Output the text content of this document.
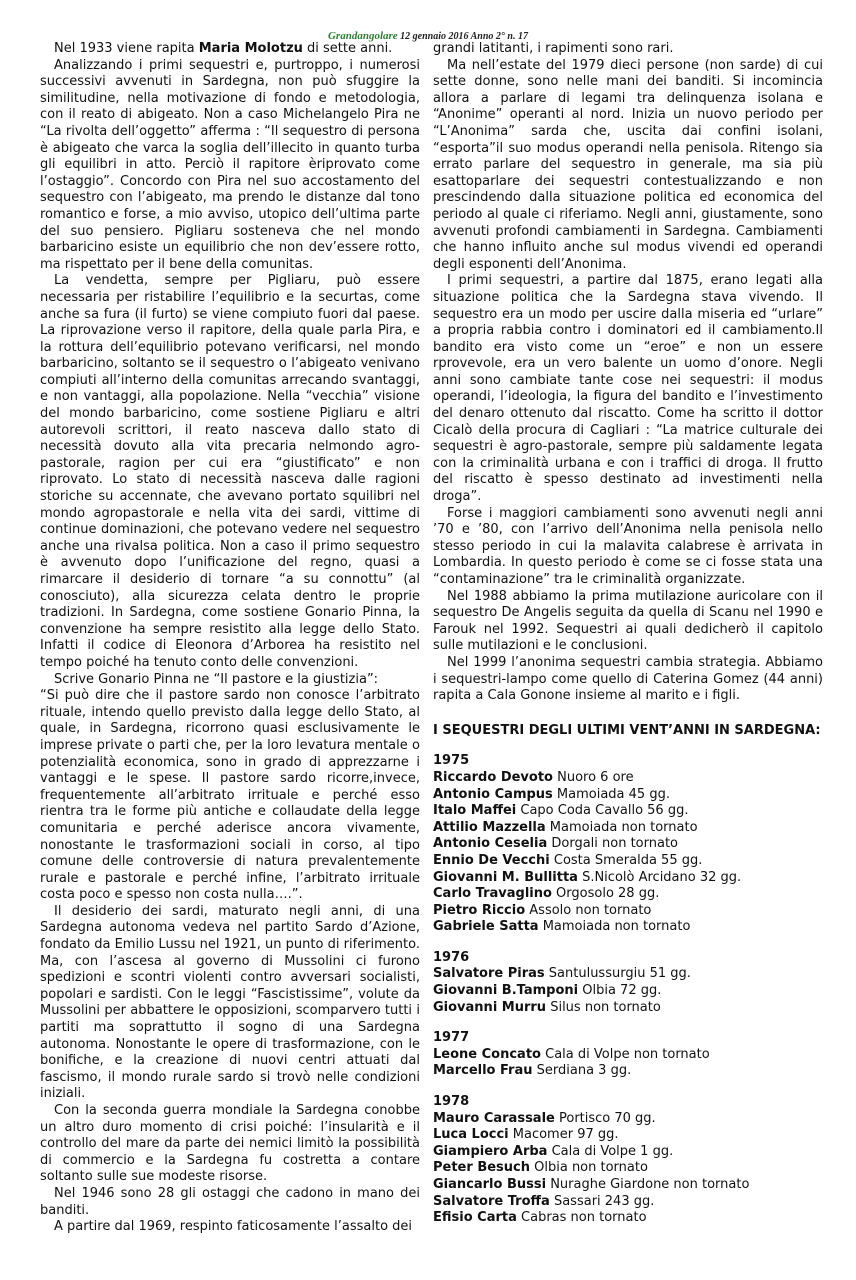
Grandangolare 12 gennaio 2016 Anno 2° n. 17

Nel 1933 viene rapita Maria Molotzu di sette anni.

Analizzando i primi sequestri e, purtroppo, i numerosi successivi avvenuti in Sardegna, non può sfuggire la similitudine, nella motivazione di fondo e metodologia, con il reato di abigeato. Non a caso Michelangelo Pira ne “La rivolta dell’oggetto” afferma : “Il sequestro di persona è abigeato che varca la soglia dell’illecito in quanto turba gli equilibri in atto. Perciò il rapitore èriprovato come l’ostaggio”. Concordo con Pira nel suo accostamento del sequestro con l’abigeato, ma prendo le distanze dal tono romantico e forse, a mio avviso, utopico dell’ultima parte del suo pensiero. Pigliaru sosteneva che nel mondo barbaricino esiste un equilibrio che non dev’essere rotto, ma rispettato per il bene della comunitas.

La vendetta, sempre per Pigliaru, può essere necessaria per ristabilire l’equilibrio e la securtas, come anche sa fura (il furto) se viene compiuto fuori dal paese. La riprovazione verso il rapitore, della quale parla Pira, e la rottura dell’equilibrio potevano verificarsi, nel mondo barbaricino, soltanto se il sequestro o l’abigeato venivano compiuti all’interno della comunitas arrecando svantaggi, e non vantaggi, alla popolazione. Nella “vecchia” visione del mondo barbaricino, come sostiene Pigliaru e altri autorevoli scrittori, il reato nasceva dallo stato di necessità dovuto alla vita precaria nelmondo agro-pastorale, ragion per cui era “giustificato” e non riprovato. Lo stato di necessità nasceva dalle ragioni storiche su accennate, che avevano portato squilibri nel mondo agropastorale e nella vita dei sardi, vittime di continue dominazioni, che potevano vedere nel sequestro anche una rivalsa politica. Non a caso il primo sequestro è avvenuto dopo l’unificazione del regno, quasi a rimarcare il desiderio di tornare “a su connottu” (al conosciuto), alla sicurezza celata dentro le proprie tradizioni. In Sardegna, come sostiene Gonario Pinna, la convenzione ha sempre resistito alla legge dello Stato. Infatti il codice di Eleonora d’Arborea ha resistito nel tempo poiché ha tenuto conto delle convenzioni.

Scrive Gonario Pinna ne “Il pastore e la giustizia”:

“Si può dire che il pastore sardo non conosce l’arbitrato rituale, intendo quello previsto dalla legge dello Stato, al quale, in Sardegna, ricorrono quasi esclusivamente le imprese private o parti che, per la loro levatura mentale o potenzialità economica, sono in grado di apprezzarne i vantaggi e le spese. Il pastore sardo ricorre,invece, frequentemente all’arbitrato irrituale e perché esso rientra tra le forme più antiche e collaudate della legge comunitaria e perché aderisce ancora vivamente, nonostante le trasformazioni sociali in corso, al tipo comune delle controversie di natura prevalentemente rurale e pastorale e perché infine, l’arbitrato irrituale costa poco e spesso non costa nulla….”.

Il desiderio dei sardi, maturato negli anni, di una Sardegna autonoma vedeva nel partito Sardo d’Azione, fondato da Emilio Lussu nel 1921, un punto di riferimento. Ma, con l’ascesa al governo di Mussolini ci furono spedizioni e scontri violenti contro avversari socialisti, popolari e sardisti. Con le leggi “Fascistissime”, volute da Mussolini per abbattere le opposizioni, scomparvero tutti i partiti ma soprattutto il sogno di una Sardegna autonoma. Nonostante le opere di trasformazione, con le bonifiche, e la creazione di nuovi centri attuati dal fascismo, il mondo rurale sardo si trovò nelle condizioni iniziali.

Con la seconda guerra mondiale la Sardegna conobbe un altro duro momento di crisi poiché: l’insularità e il controllo del mare da parte dei nemici limitò la possibilità di commercio e la Sardegna fu costretta a contare soltanto sulle sue modeste risorse.

Nel 1946 sono 28 gli ostaggi che cadono in mano dei banditi.

A partire dal 1969, respinto faticosamente l’assalto dei

grandi latitanti, i rapimenti sono rari.

Ma nell’estate del 1979 dieci persone (non sarde) di cui sette donne, sono nelle mani dei banditi. Si incomincia allora a parlare di legami tra delinquenza isolana e “Anonime” operanti al nord. Inizia un nuovo periodo per “L’Anonima” sarda che, uscita dai confini isolani, “esporta”il suo modus operandi nella penisola. Ritengo sia errato parlare del sequestro in generale, ma sia più esattoparlare dei sequestri contestualizzando e non prescindendo dalla situazione politica ed economica del periodo al quale ci riferiamo. Negli anni, giustamente, sono avvenuti profondi cambiamenti in Sardegna. Cambiamenti che hanno influito anche sul modus vivendi ed operandi degli esponenti dell’Anonima.

I primi sequestri, a partire dal 1875, erano legati alla situazione politica che la Sardegna stava vivendo. Il sequestro era un modo per uscire dalla miseria ed “urlare” a propria rabbia contro i dominatori ed il cambiamento.Il bandito era visto come un “eroe” e non un essere rprovevole, era un vero balente un uomo d’onore. Negli anni sono cambiate tante cose nei sequestri: il modus operandi, l’ideologia, la figura del bandito e l’investimento del denaro ottenuto dal riscatto. Come ha scritto il dottor Cicalò della procura di Cagliari : “La matrice culturale dei sequestri è agro-pastorale, sempre più saldamente legata con la criminalità urbana e con i traffici di droga. Il frutto del riscatto è spesso destinato ad investimenti nella droga”.

Forse i maggiori cambiamenti sono avvenuti negli anni ’70 e ’80, con l’arrivo dell’Anonima nella penisola nello stesso periodo in cui la malavita calabrese è arrivata in Lombardia. In questo periodo è come se ci fosse stata una “contaminazione” tra le criminalità organizzate.

Nel 1988 abbiamo la prima mutilazione auricolare con il sequestro De Angelis seguita da quella di Scanu nel 1990 e Farouk nel 1992. Sequestri ai quali dedicherò il capitolo sulle mutilazioni e le conclusioni.

Nel 1999 l’anonima sequestri cambia strategia. Abbiamo i sequestri-lampo come quello di Caterina Gomez (44 anni) rapita a Cala Gonone insieme al marito e i figli.

I SEQUESTRI DEGLI ULTIMI VENT’ANNI IN SARDEGNA:

1975

Riccardo Devoto Nuoro 6 ore

Antonio Campus Mamoiada 45 gg.

Italo Maffei Capo Coda Cavallo 56 gg.

Attilio Mazzella Mamoiada non tornato

Antonio Ceselia Dorgali non tornato

Ennio De Vecchi Costa Smeralda 55 gg.

Giovanni M. Bullitta S.Nicolò Arcidano 32 gg.

Carlo Travaglino Orgosolo 28 gg.

Pietro Riccio Assolo non tornato

Gabriele Satta Mamoiada non tornato

1976

Salvatore Piras Santulussurgiu 51 gg.

Giovanni B.Tamponi Olbia 72 gg.

Giovanni Murru Silus non tornato

1977

Leone Concato Cala di Volpe non tornato

Marcello Frau Serdiana 3 gg.

1978

Mauro Carassale Portisco 70 gg.

Luca Locci Macomer 97 gg.

Giampiero Arba Cala di Volpe 1 gg.

Peter Besuch Olbia non tornato

Giancarlo Bussi Nuraghe Giardone non tornato

Salvatore Troffa Sassari 243 gg.

Efisio Carta Cabras non tornato
